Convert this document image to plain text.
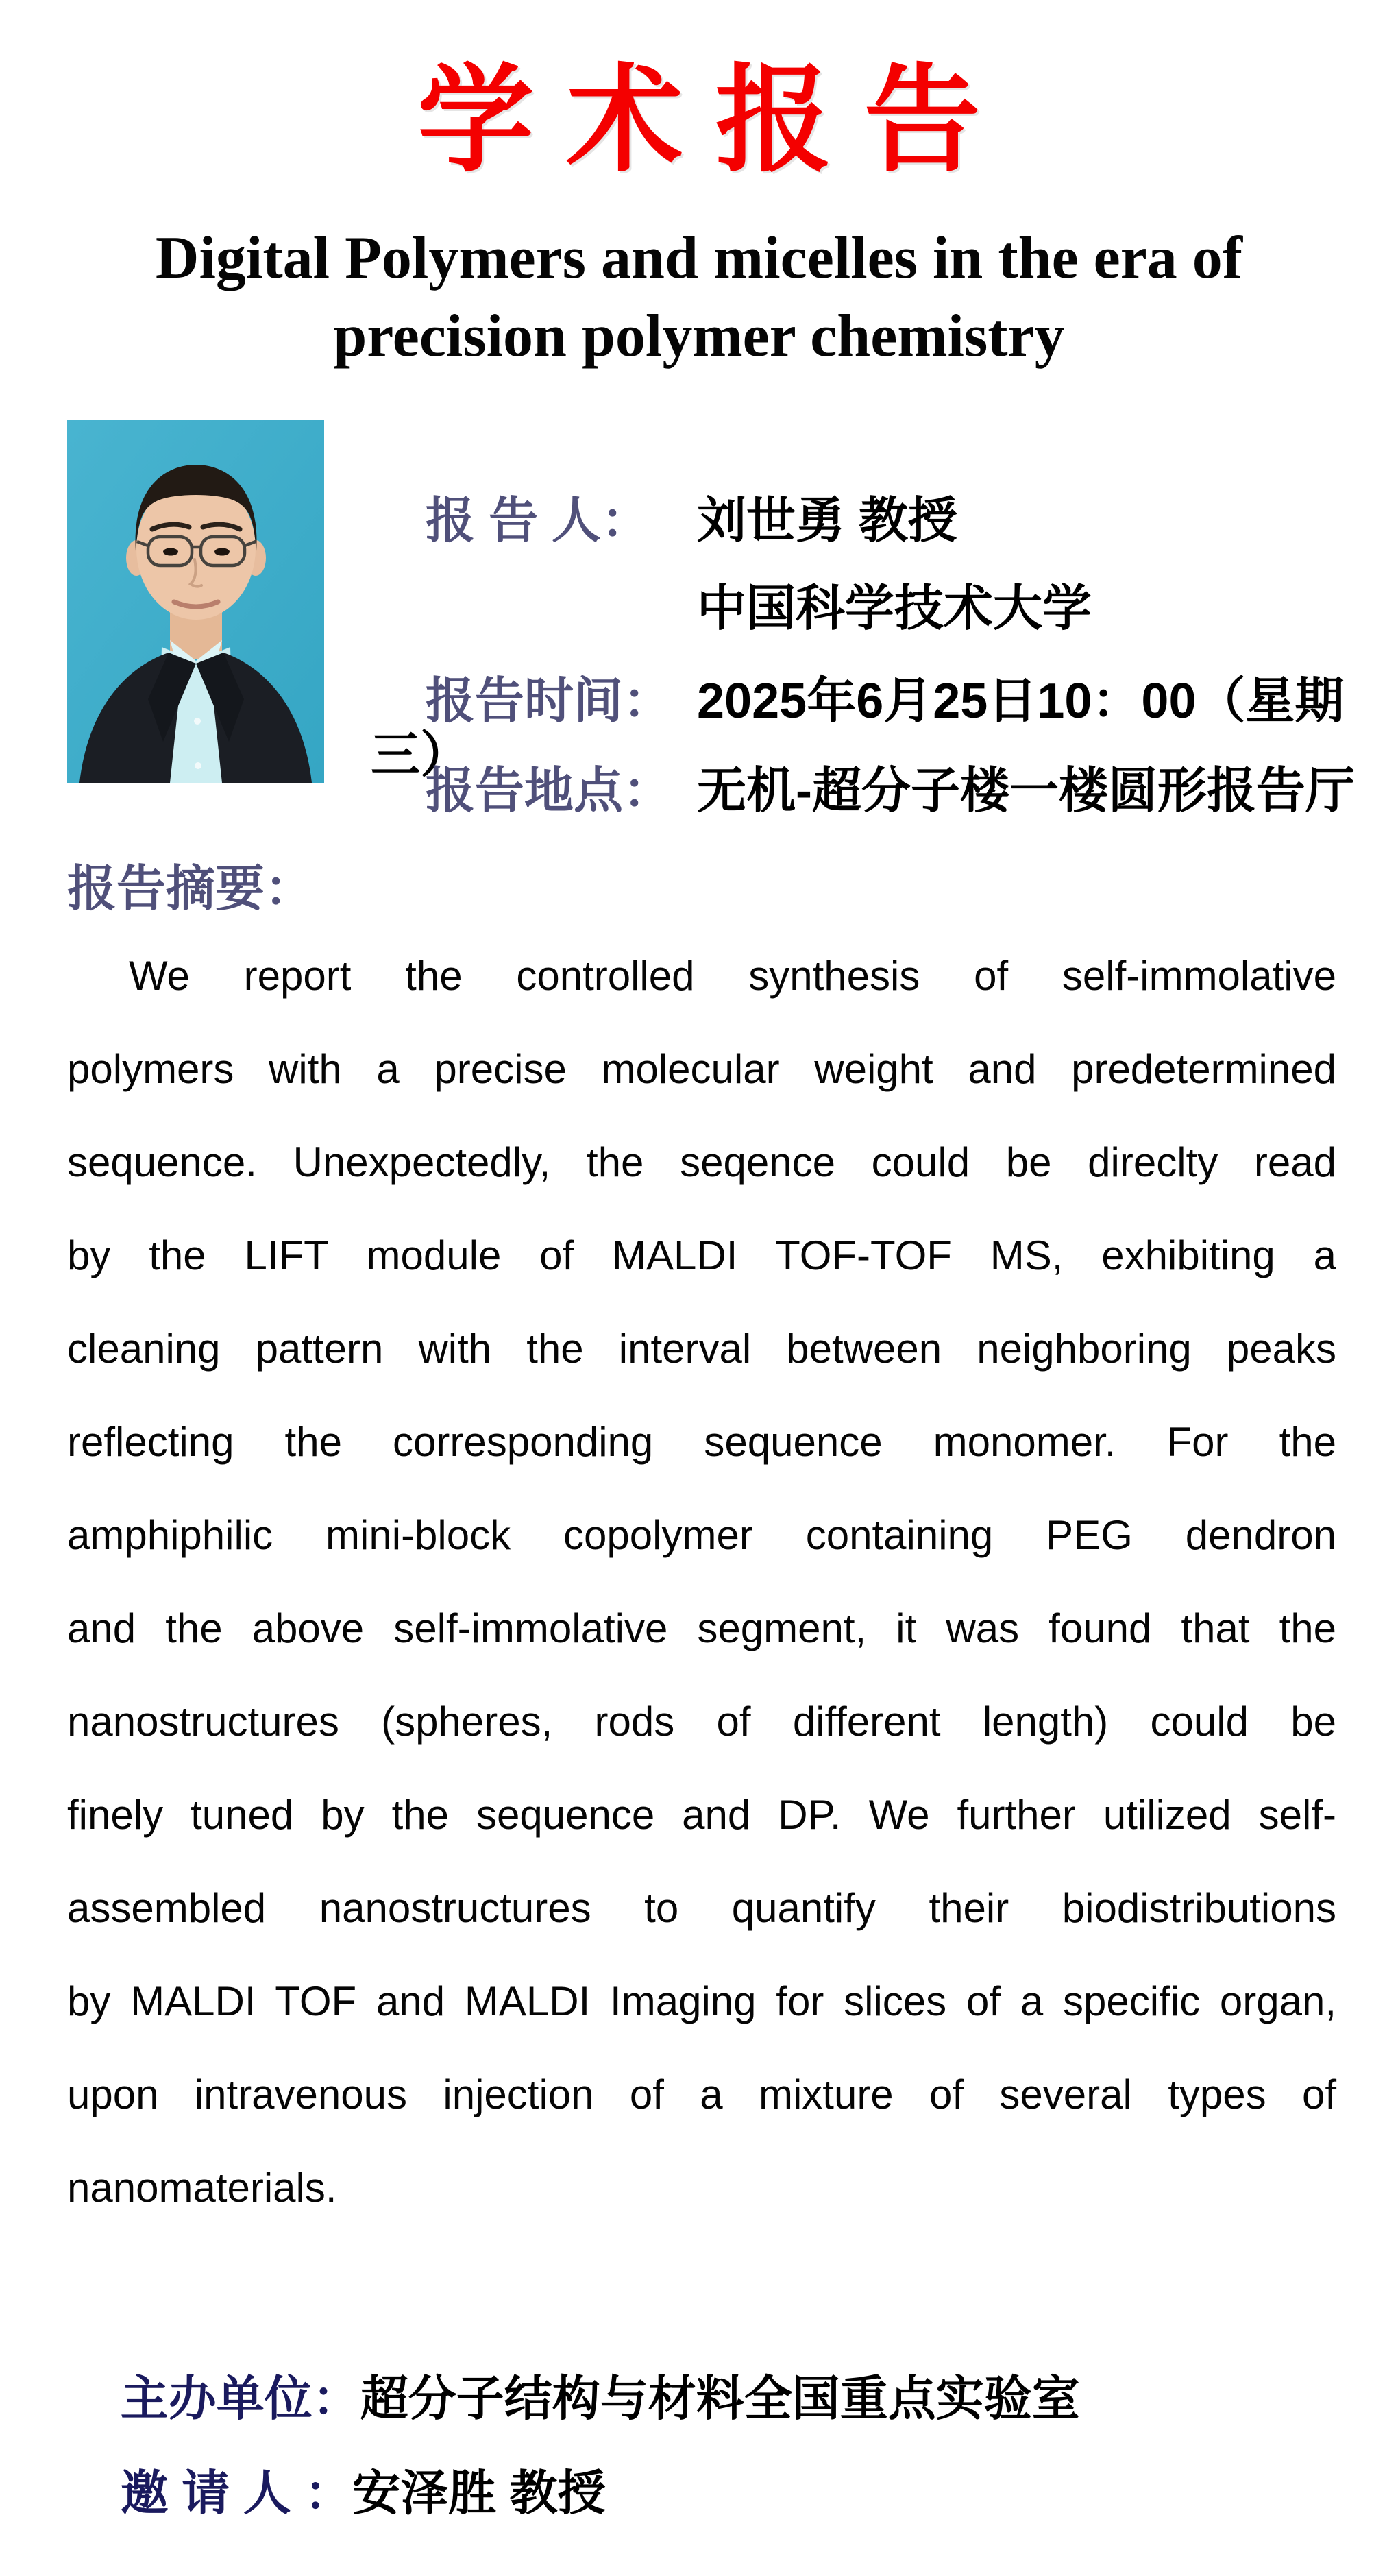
学 术 报 告
Digital Polymers and micelles in the era of
precision polymer chemistry

报 告 人： 刘世勇 教授

中国科学技术大学

报告时间： 2025年6月25日10：00（星期三）

报告地点： 无机-超分子楼一楼圆形报告厅

报告摘要：
We report the controlled synthesis of self-immolative
polymers with a precise molecular weight and predetermined
sequence. Unexpectedly, the seqence could be direclty read
by the LIFT module of MALDI TOF-TOF MS, exhibiting a
cleaning pattern with the interval between neighboring peaks
reflecting the corresponding sequence monomer. For the
amphiphilic mini-block copolymer containing PEG dendron
and the above self-immolative segment, it was found that the
nanostructures (spheres, rods of different length) could be
finely tuned by the sequence and DP. We further utilized self-
assembled nanostructures to quantify their biodistributions
by MALDI TOF and MALDI Imaging for slices of a specific organ,
upon intravenous injection of a mixture of several types of
nanomaterials.

主办单位：超分子结构与材料全国重点实验室

邀 请 人 ：安泽胜 教授
